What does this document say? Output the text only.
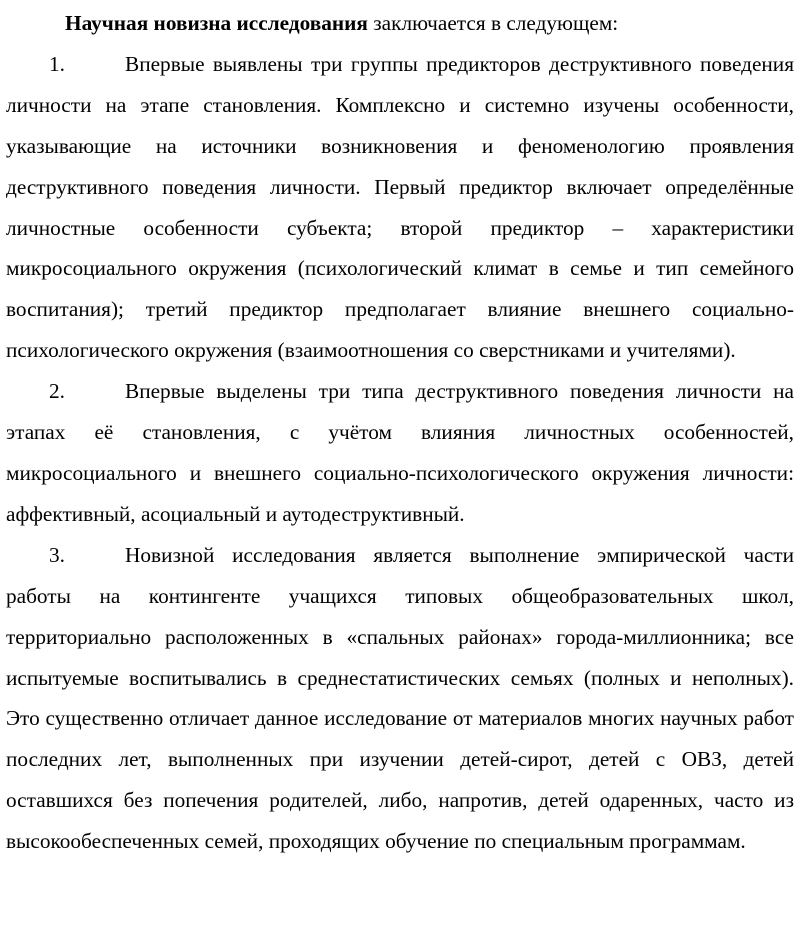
Научная новизна исследования заключается в следующем:

1.	Впервые выявлены три группы предикторов деструктивного поведения личности на этапе становления. Комплексно и системно изучены особенности, указывающие на источники возникновения и феноменологию проявления деструктивного поведения личности. Первый предиктор включает определённые личностные особенности субъекта; второй предиктор – характеристики микросоциального окружения (психологический климат в семье и тип семейного воспитания); третий предиктор предполагает влияние внешнего социально-психологического окружения (взаимоотношения со сверстниками и учителями).

2.	Впервые выделены три типа деструктивного поведения личности на этапах её становления, с учётом влияния личностных особенностей, микросоциального и внешнего социально-психологического окружения личности: аффективный, асоциальный и аутодеструктивный.

3.	Новизной исследования является выполнение эмпирической части работы на контингенте учащихся типовых общеобразовательных школ, территориально расположенных в «спальных районах» города-миллионника; все испытуемые воспитывались в среднестатистических семьях (полных и неполных). Это существенно отличает данное исследование от материалов многих научных работ последних лет, выполненных при изучении детей-сирот, детей с ОВЗ, детей оставшихся без попечения родителей, либо, напротив, детей одаренных, часто из высокообеспеченных семей, проходящих обучение по специальным программам.
